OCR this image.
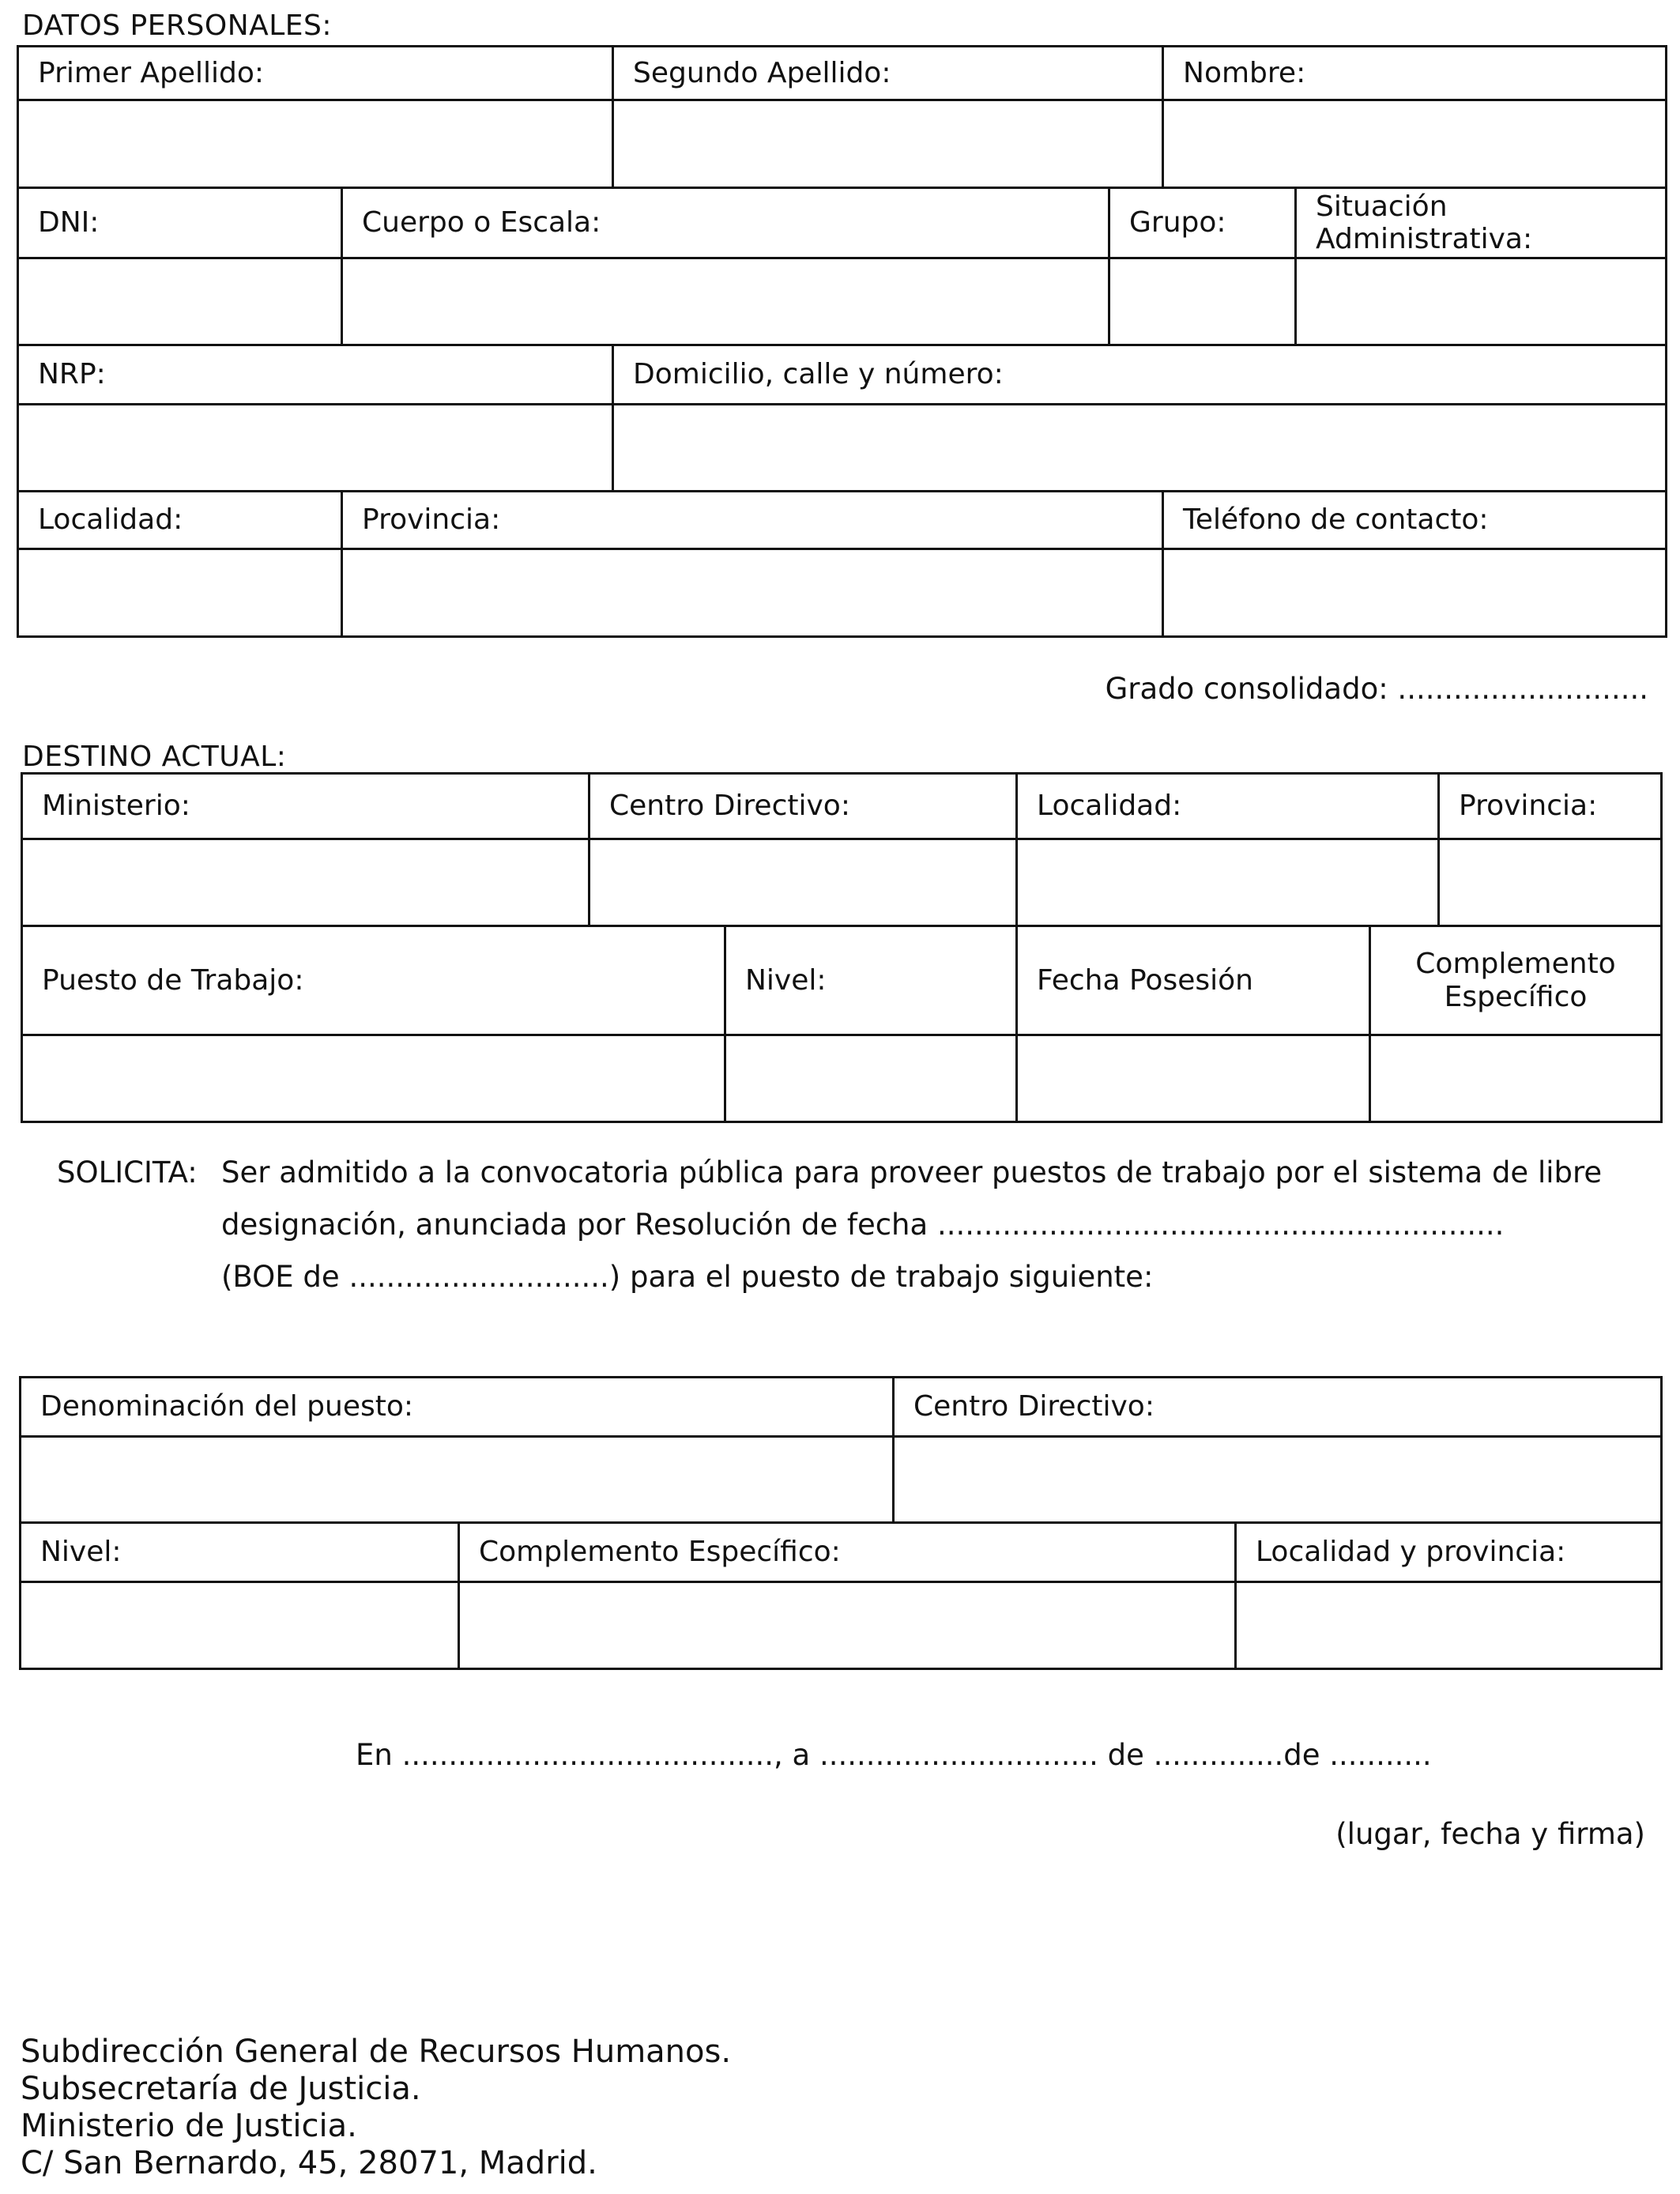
DATOS PERSONALES:
Primer Apellido:		Segundo Apellido:		Nombre:	

DNI:	Cuerpo o Escala:		Grupo:		Situación
Administrativa:

NRP:		Domicilio, calle y número:			

Localidad:	Provincia:			Teléfono de contacto:	

Grado consolidado: ...........................
DESTINO ACTUAL:
Ministerio:	Centro Directivo:	Localidad:	Provincia:

Puesto de Trabajo:	Nivel:	Fecha Posesión	Complemento
Específico

SOLICITA: Ser admitido a la convocatoria pública para proveer puestos de trabajo por el sistema de libre
designación, anunciada por Resolución de fecha .............................................................
(BOE de ............................) para el puesto de trabajo siguiente:
Denominación del puesto:		Centro Directivo:	

Nivel:	Complemento Específico:		Localidad y provincia:

En ........................................, a .............................. de ..............de ...........
(lugar, fecha y firma)
Subdirección General de Recursos Humanos.
Subsecretaría de Justicia.
Ministerio de Justicia.
C/ San Bernardo, 45, 28071, Madrid.
